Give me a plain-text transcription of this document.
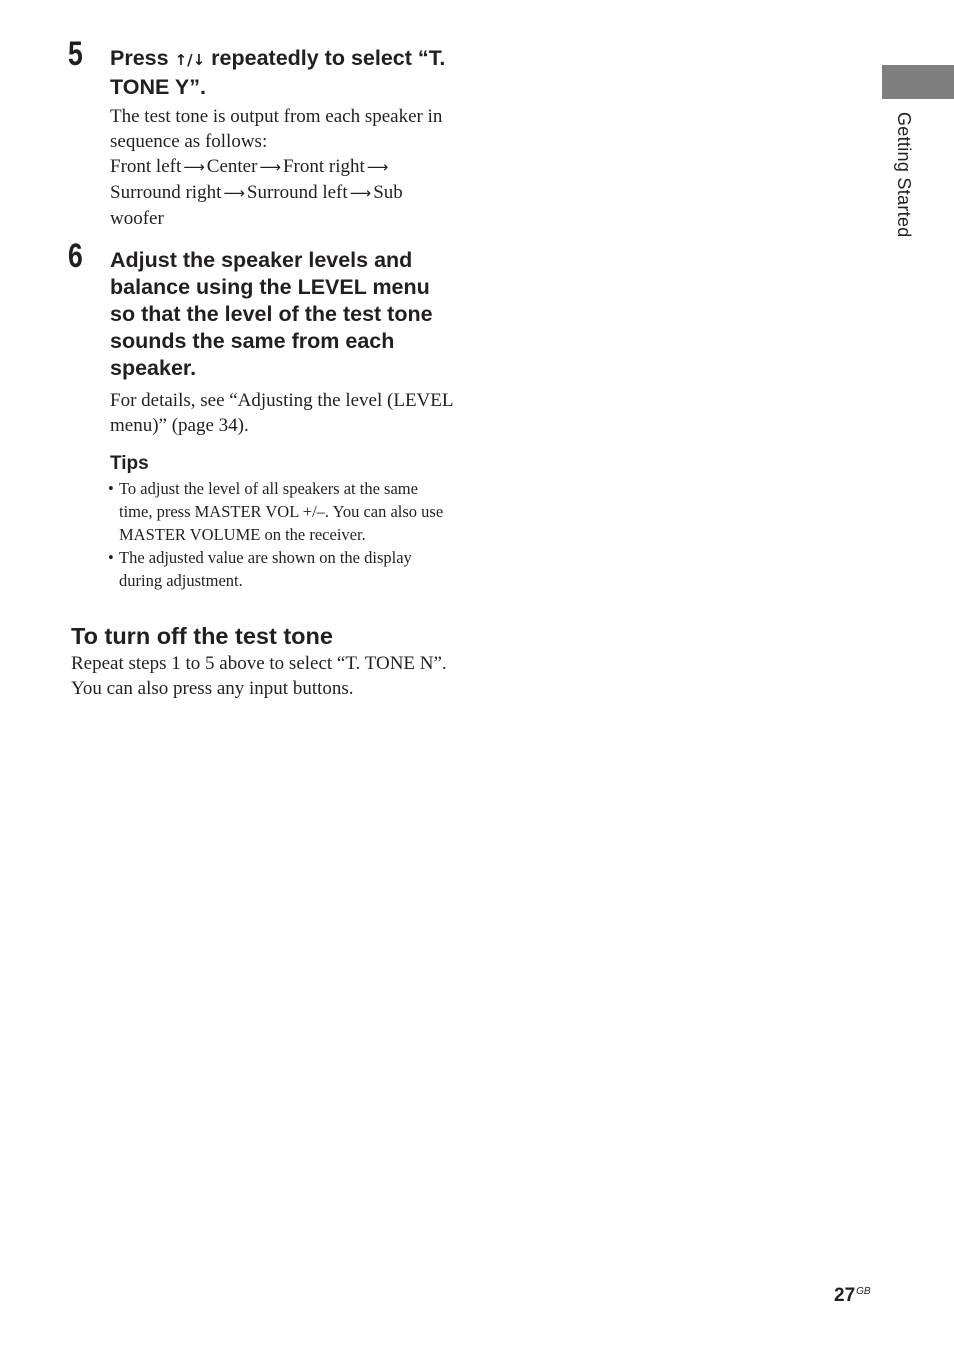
Getting Started
5 Press ↑/↓ repeatedly to select “T. TONE Y”.

The test tone is output from each speaker in sequence as follows:
Front left ⟶ Center ⟶ Front right ⟶
Surround right ⟶ Surround left ⟶ Sub woofer

6 Adjust the speaker levels and balance using the LEVEL menu so that the level of the test tone sounds the same from each speaker.

For details, see “Adjusting the level (LEVEL menu)” (page 34).

Tips
• To adjust the level of all speakers at the same time, press MASTER VOL +/–. You can also use MASTER VOLUME on the receiver.
• The adjusted value are shown on the display during adjustment.
To turn off the test tone

Repeat steps 1 to 5 above to select “T. TONE N”. You can also press any input buttons.

$27^{GB}$
